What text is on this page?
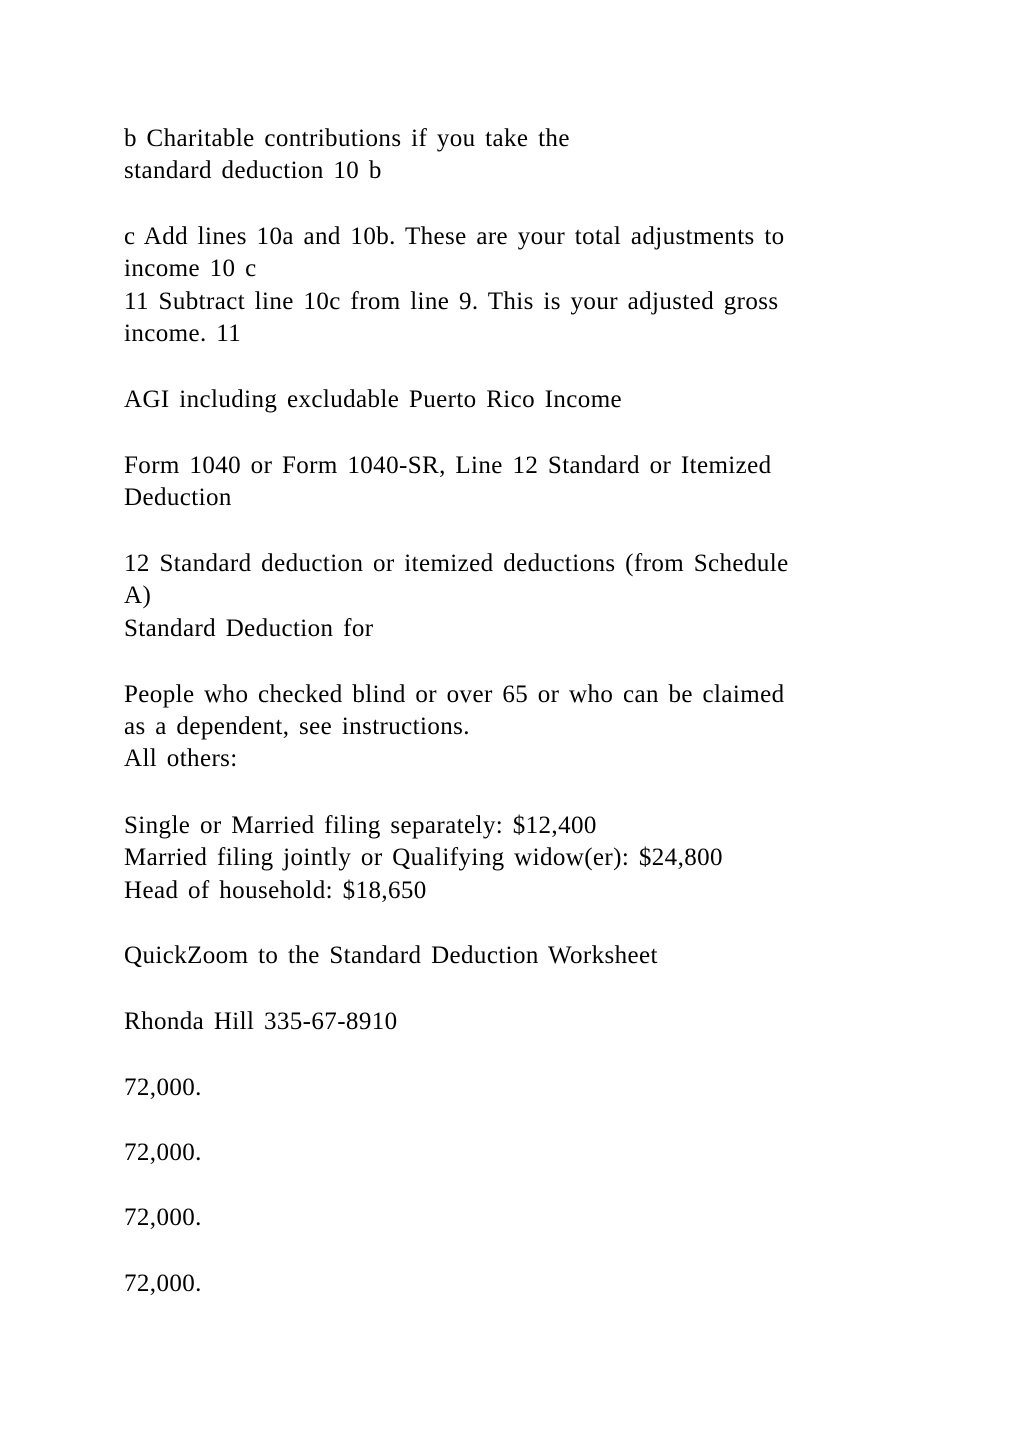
b Charitable contributions if you take the
standard deduction 10 b
c Add lines 10a and 10b. These are your total adjustments to
income 10 c
11 Subtract line 10c from line 9. This is your adjusted gross
income. 11
AGI including excludable Puerto Rico Income
Form 1040 or Form 1040-SR, Line 12 Standard or Itemized
Deduction
12 Standard deduction or itemized deductions (from Schedule
A)
Standard Deduction for
People who checked blind or over 65 or who can be claimed
as a dependent, see instructions.
All others:
Single or Married filing separately: $12,400
Married filing jointly or Qualifying widow(er): $24,800
Head of household: $18,650
QuickZoom to the Standard Deduction Worksheet
Rhonda Hill 335-67-8910
72,000.
72,000.
72,000.
72,000.
